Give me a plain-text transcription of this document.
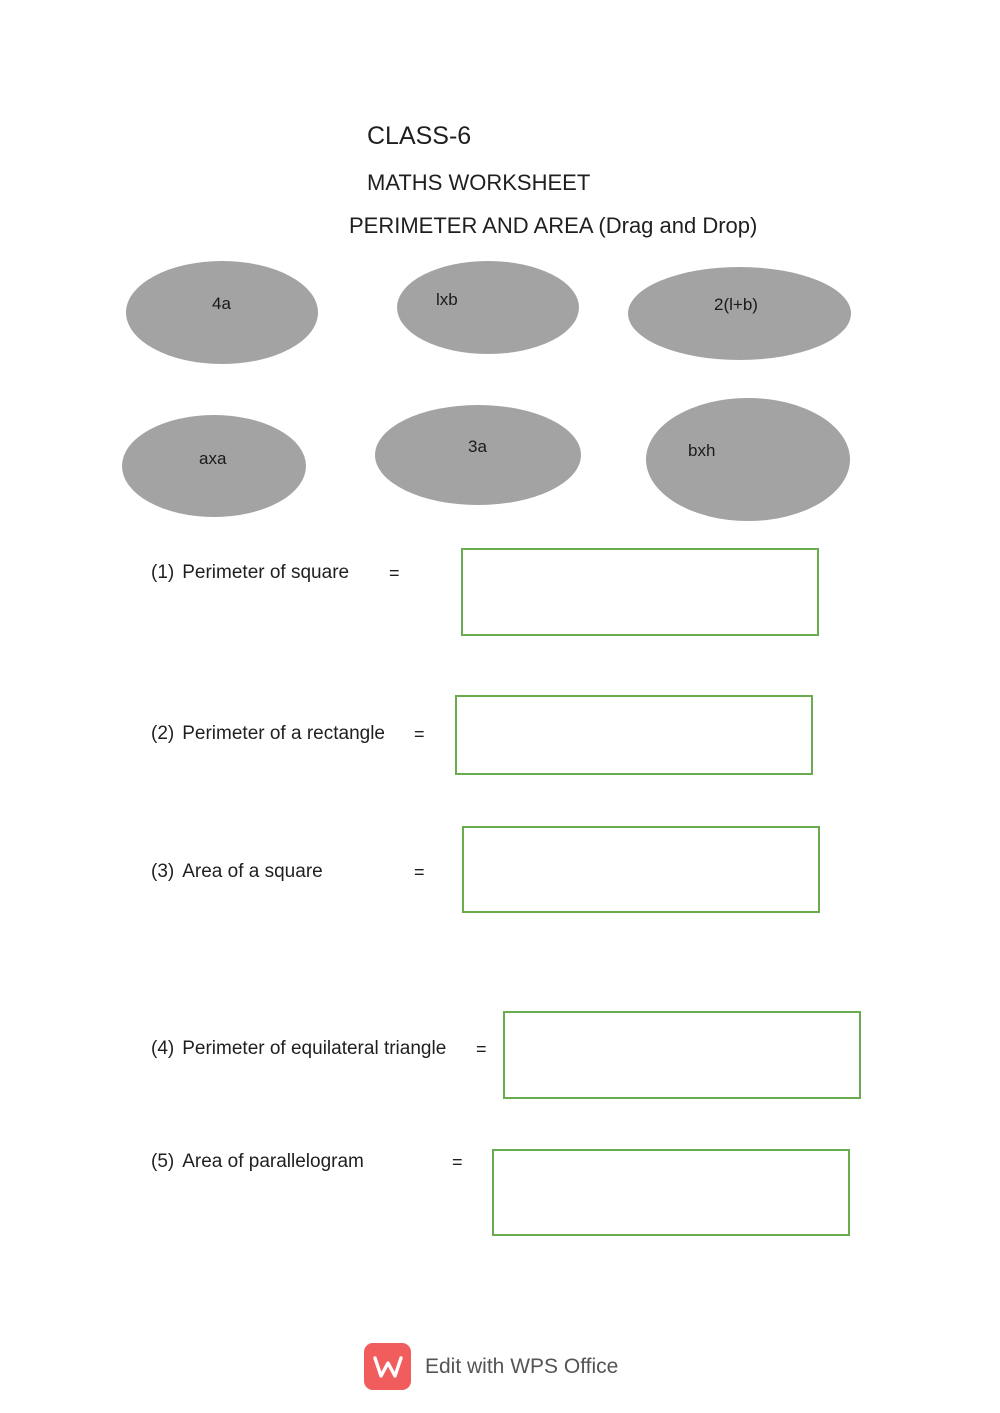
CLASS-6
MATHS WORKSHEET
PERIMETER AND AREA (Drag and Drop)
4a	lxb	2(l+b)
axa
3a	bxh
(1) Perimeter of square =
(2) Perimeter of a rectangle =
(3) Area of a square	=
(4) Perimeter of equilateral triangle =
(5) Area of parallelogram	=
Edit with WPS Office
